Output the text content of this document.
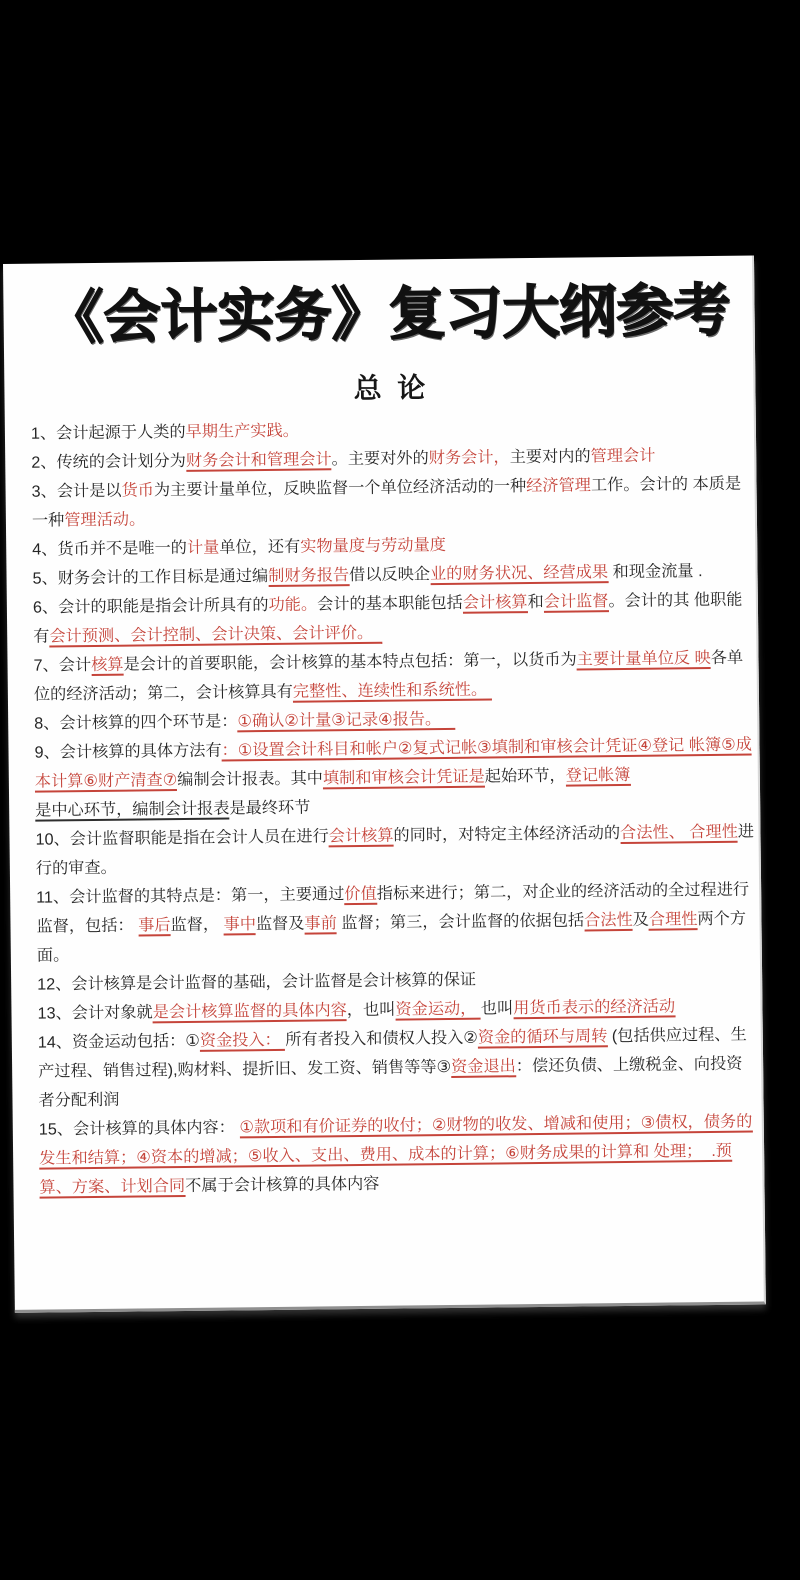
《会计实务》复习大纲参考
总  论

1、会计起源于人类的早期生产实践。

2、传统的会计划分为财务会计和管理会计。主要对外的财务会计，主要对内的管理会计

3、会计是以货币为主要计量单位，反映监督一个单位经济活动的一种经济管理工作。会计的 本质是一种管理活动。

4、货币并不是唯一的计量单位，还有实物量度与劳动量度

5、财务会计的工作目标是通过编制财务报告借以反映企业的财务状况、经营成果 和现金流量 .

6、会计的职能是指会计所具有的功能。会计的基本职能包括会计核算和会计监督。会计的其 他职能有会计预测、会计控制、会计决策、会计评价。

7、会计核算是会计的首要职能，会计核算的基本特点包括：第一，以货币为主要计量单位反 映各单位的经济活动；第二，会计核算具有完整性、连续性和系统性。

8、会计核算的四个环节是：①确认②计量③记录④报告。

9、会计核算的具体方法有：①设置会计科目和帐户②复式记帐③填制和审核会计凭证④登记 帐簿⑤成本计算⑥财产清查⑦编制会计报表。其中填制和审核会计凭证是起始环节，登记帐簿

是中心环节，编制会计报表是最终环节

10、会计监督职能是指在会计人员在进行会计核算的同时，对特定主体经济活动的合法性、 合理性进行的审查。

11、会计监督的其特点是：第一，主要通过价值指标来进行；第二，对企业的经济活动的全过程进行监督，包括： 事后监督， 事中监督及事前 监督；第三，会计监督的依据包括合法性及合理性两个方面。

12、会计核算是会计监督的基础，会计监督是会计核算的保证

13、会计对象就是会计核算监督的具体内容，也叫资金运动， 也叫用货币表示的经济活动

14、资金运动包括：①资金投入： 所有者投入和债权人投入②资金的循环与周转 (包括供应过程、生产过程、销售过程),购材料、提折旧、发工资、销售等等③资金退出：偿还负债、上缴税金、向投资者分配利润

15、会计核算的具体内容： ①款项和有价证券的收付；②财物的收发、增减和使用；③债权，债务的发生和结算；④资本的增减；⑤收入、支出、费用、成本的计算；⑥财务成果的计算和 处理；  .预算、方案、计划合同不属于会计核算的具体内容
